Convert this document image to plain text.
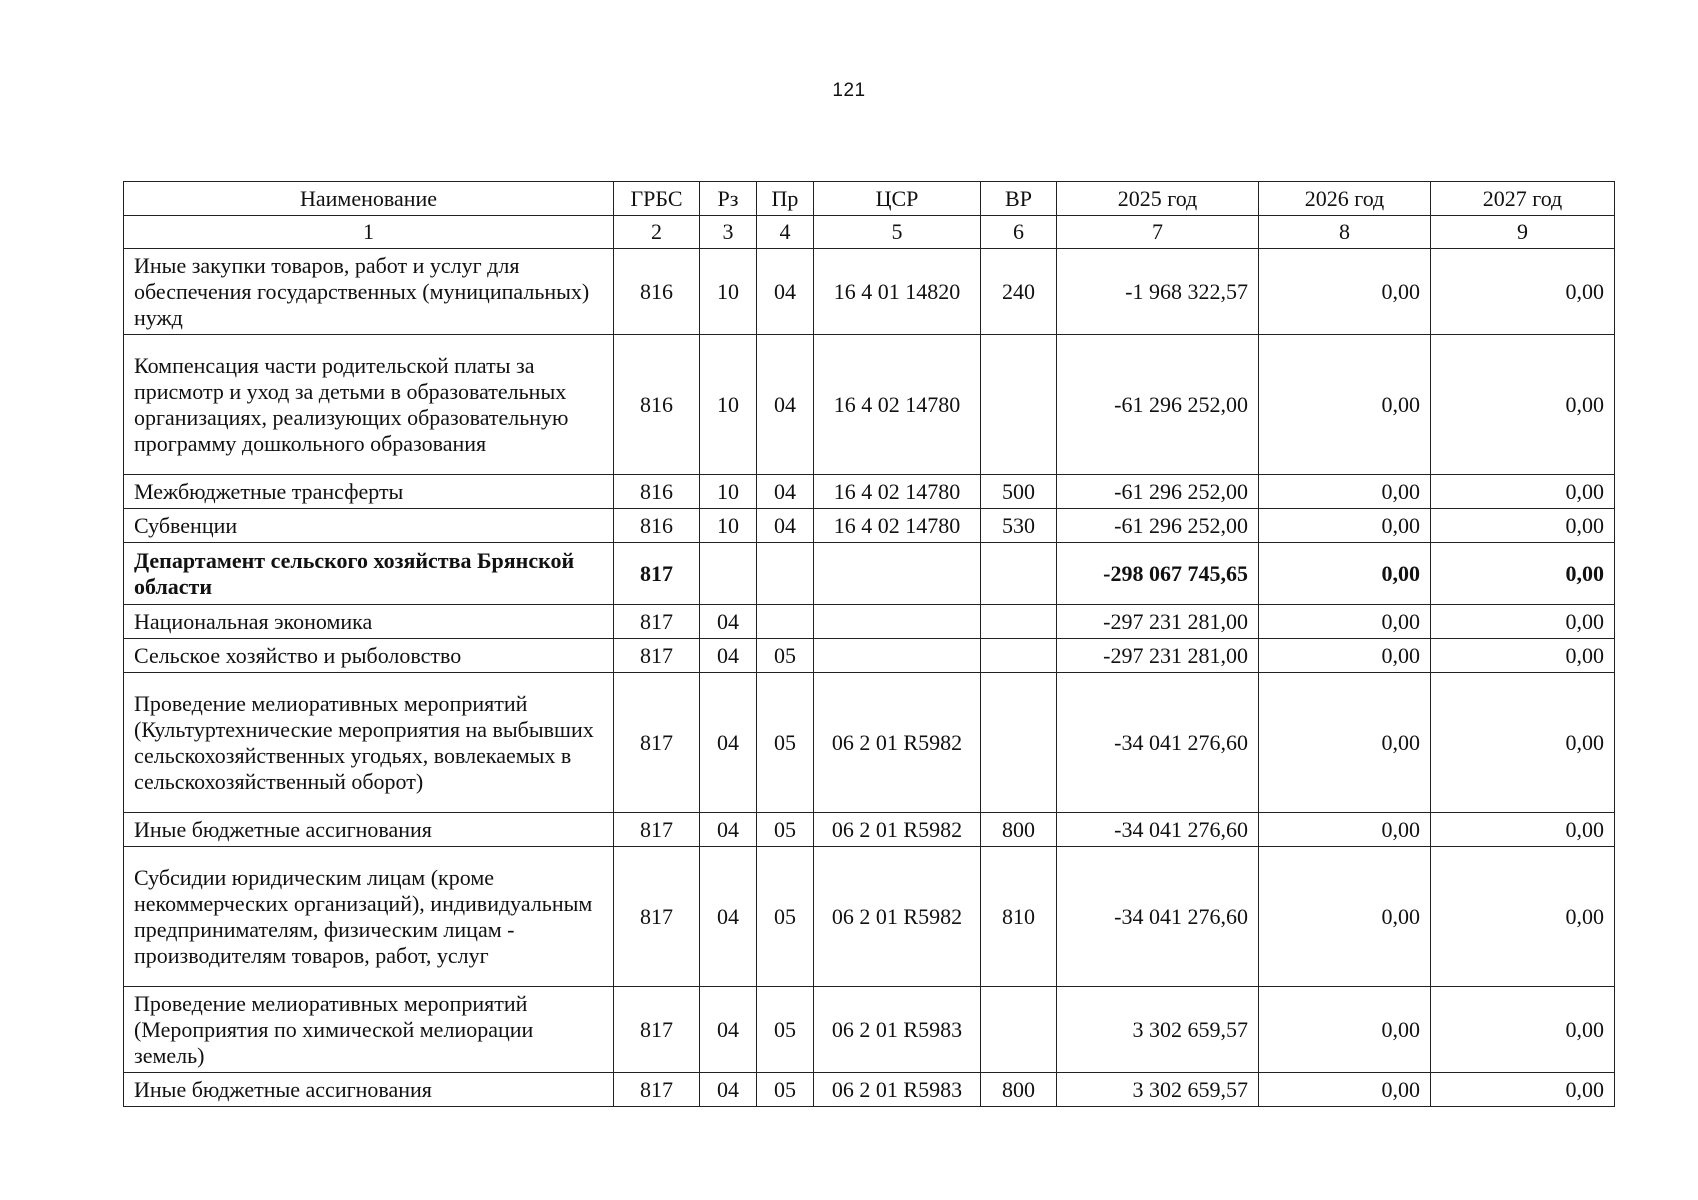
121
Наименование	ГРБС	Рз	Пр	ЦСР	ВР	2025 год	2026 год	2027 год
1	2	3	4	5	6	7	8	9
Иные закупки товаров, работ и услуг для обеспечения государственных (муниципальных) нужд	816	10	04	16 4 01 14820	240	-1 968 322,57	0,00	0,00
Компенсация части родительской платы за присмотр и уход за детьми в образовательных организациях, реализующих образовательную программу дошкольного образования	816	10	04	16 4 02 14780		-61 296 252,00	0,00	0,00
Межбюджетные трансферты	816	10	04	16 4 02 14780	500	-61 296 252,00	0,00	0,00
Субвенции	816	10	04	16 4 02 14780	530	-61 296 252,00	0,00	0,00
Департамент сельского хозяйства Брянской области	817					-298 067 745,65	0,00	0,00
Национальная экономика	817	04				-297 231 281,00	0,00	0,00
Сельское хозяйство и рыболовство	817	04	05			-297 231 281,00	0,00	0,00
Проведение мелиоративных мероприятий (Культуртехнические мероприятия на выбывших сельскохозяйственных угодьях, вовлекаемых в сельскохозяйственный оборот)	817	04	05	06 2 01 R5982		-34 041 276,60	0,00	0,00
Иные бюджетные ассигнования	817	04	05	06 2 01 R5982	800	-34 041 276,60	0,00	0,00
Субсидии юридическим лицам (кроме некоммерческих организаций), индивидуальным предпринимателям, физическим лицам - производителям товаров, работ, услуг	817	04	05	06 2 01 R5982	810	-34 041 276,60	0,00	0,00
Проведение мелиоративных мероприятий (Мероприятия по химической мелиорации земель)	817	04	05	06 2 01 R5983		3 302 659,57	0,00	0,00
Иные бюджетные ассигнования	817	04	05	06 2 01 R5983	800	3 302 659,57	0,00	0,00
